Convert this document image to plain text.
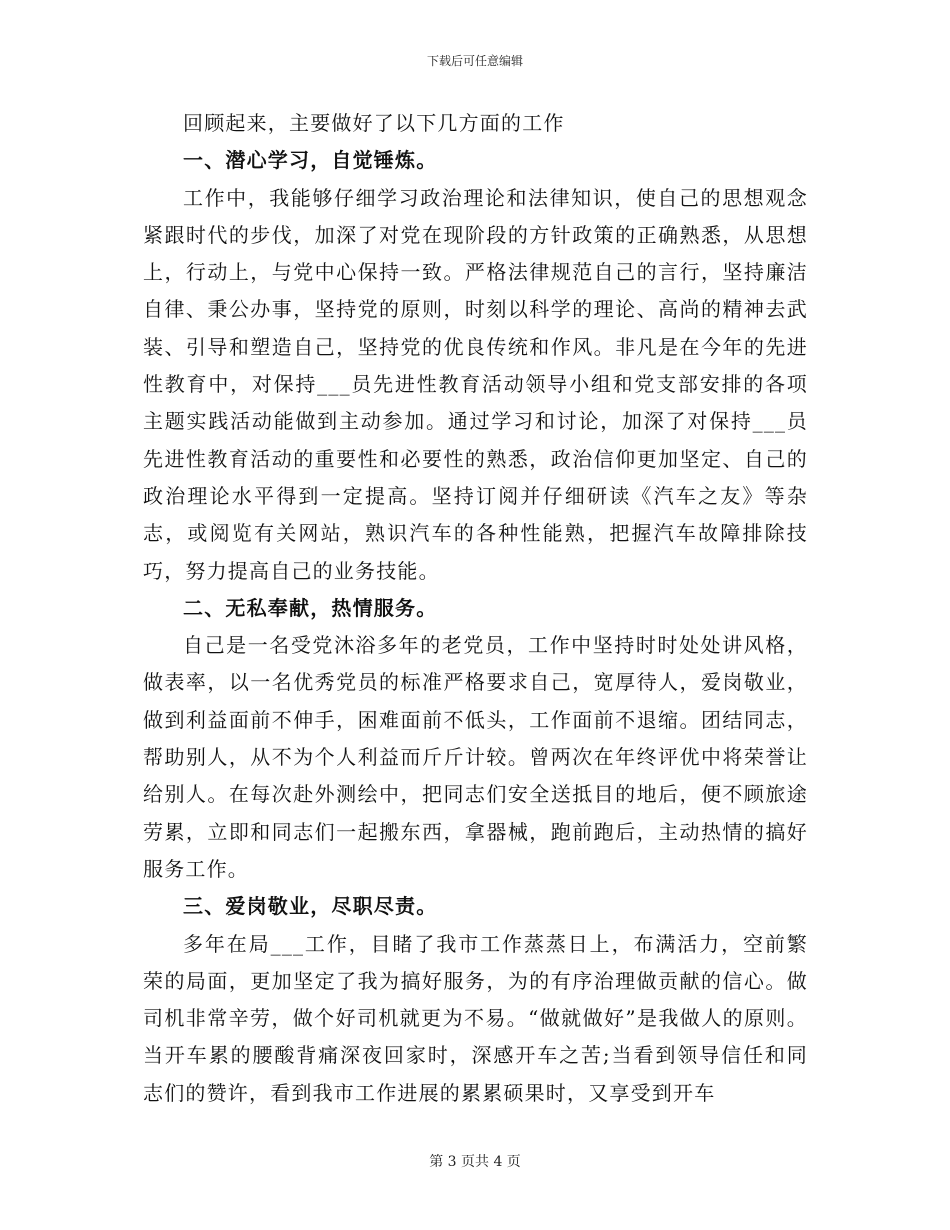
下载后可任意编辑

回顾起来，主要做好了以下几方面的工作

一、潜心学习，自觉锤炼。

工作中，我能够仔细学习政治理论和法律知识，使自己的思想观念紧跟时代的步伐，加深了对党在现阶段的方针政策的正确熟悉，从思想上，行动上，与党中心保持一致。严格法律规范自己的言行，坚持廉洁自律、秉公办事，坚持党的原则，时刻以科学的理论、高尚的精神去武装、引导和塑造自己，坚持党的优良传统和作风。非凡是在今年的先进性教育中，对保持___员先进性教育活动领导小组和党支部安排的各项主题实践活动能做到主动参加。通过学习和讨论，加深了对保持___员先进性教育活动的重要性和必要性的熟悉，政治信仰更加坚定、自己的政治理论水平得到一定提高。坚持订阅并仔细研读《汽车之友》等杂志，或阅览有关网站，熟识汽车的各种性能熟，把握汽车故障排除技巧，努力提高自己的业务技能。

二、无私奉献，热情服务。

自己是一名受党沐浴多年的老党员，工作中坚持时时处处讲风格，做表率，以一名优秀党员的标准严格要求自己，宽厚待人，爱岗敬业，做到利益面前不伸手，困难面前不低头，工作面前不退缩。团结同志，帮助别人，从不为个人利益而斤斤计较。曾两次在年终评优中将荣誉让给别人。在每次赴外测绘中，把同志们安全送抵目的地后，便不顾旅途劳累，立即和同志们一起搬东西，拿器械，跑前跑后，主动热情的搞好服务工作。

三、爱岗敬业，尽职尽责。

多年在局___工作，目睹了我市工作蒸蒸日上，布满活力，空前繁荣的局面，更加坚定了我为搞好服务，为的有序治理做贡献的信心。做司机非常辛劳，做个好司机就更为不易。“做就做好”是我做人的原则。当开车累的腰酸背痛深夜回家时，深感开车之苦;当看到领导信任和同志们的赞许，看到我市工作进展的累累硕果时，又享受到开车

第 3 页共 4 页
